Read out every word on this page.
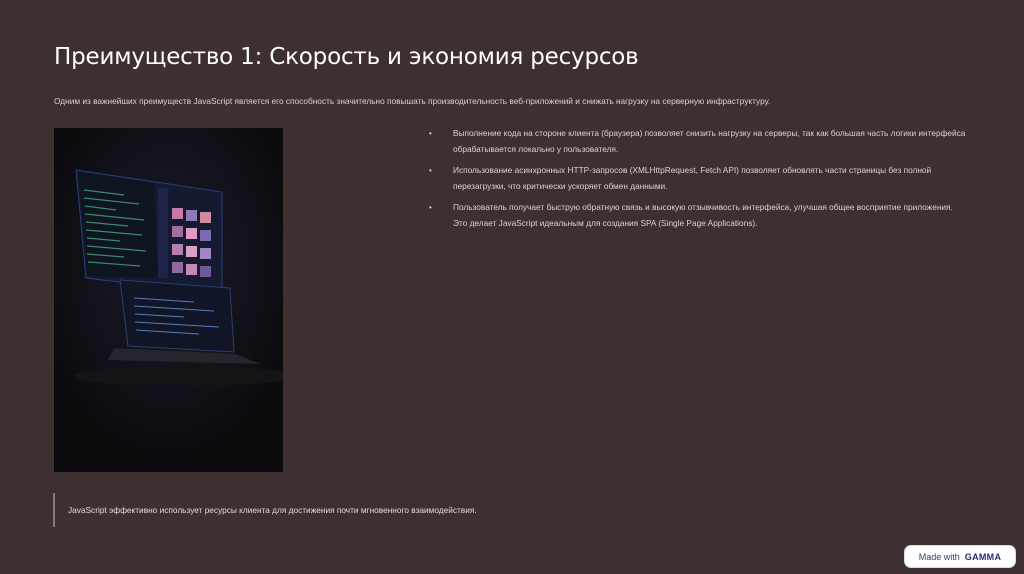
Преимущество 1: Скорость и экономия ресурсов

Одним из важнейших преимуществ JavaScript является его способность значительно повышать производительность веб-приложений и снижать нагрузку на серверную инфраструктуру.

•	Выполнение кода на стороне клиента (браузера) позволяет снизить нагрузку на серверы, так как большая часть логики интерфейса обрабатывается локально у пользователя.
•	Использование асинхронных HTTP-запросов (XMLHttpRequest, Fetch API) позволяет обновлять части страницы без полной перезагрузки, что критически ускоряет обмен данными.
•	Пользователь получает быструю обратную связь и высокую отзывчивость интерфейса, улучшая общее восприятие приложения. Это делает JavaScript идеальным для создания SPA (Single Page Applications).
JavaScript эффективно использует ресурсы клиента для достижения почти мгновенного взаимодействия.
Made with GAMMA
